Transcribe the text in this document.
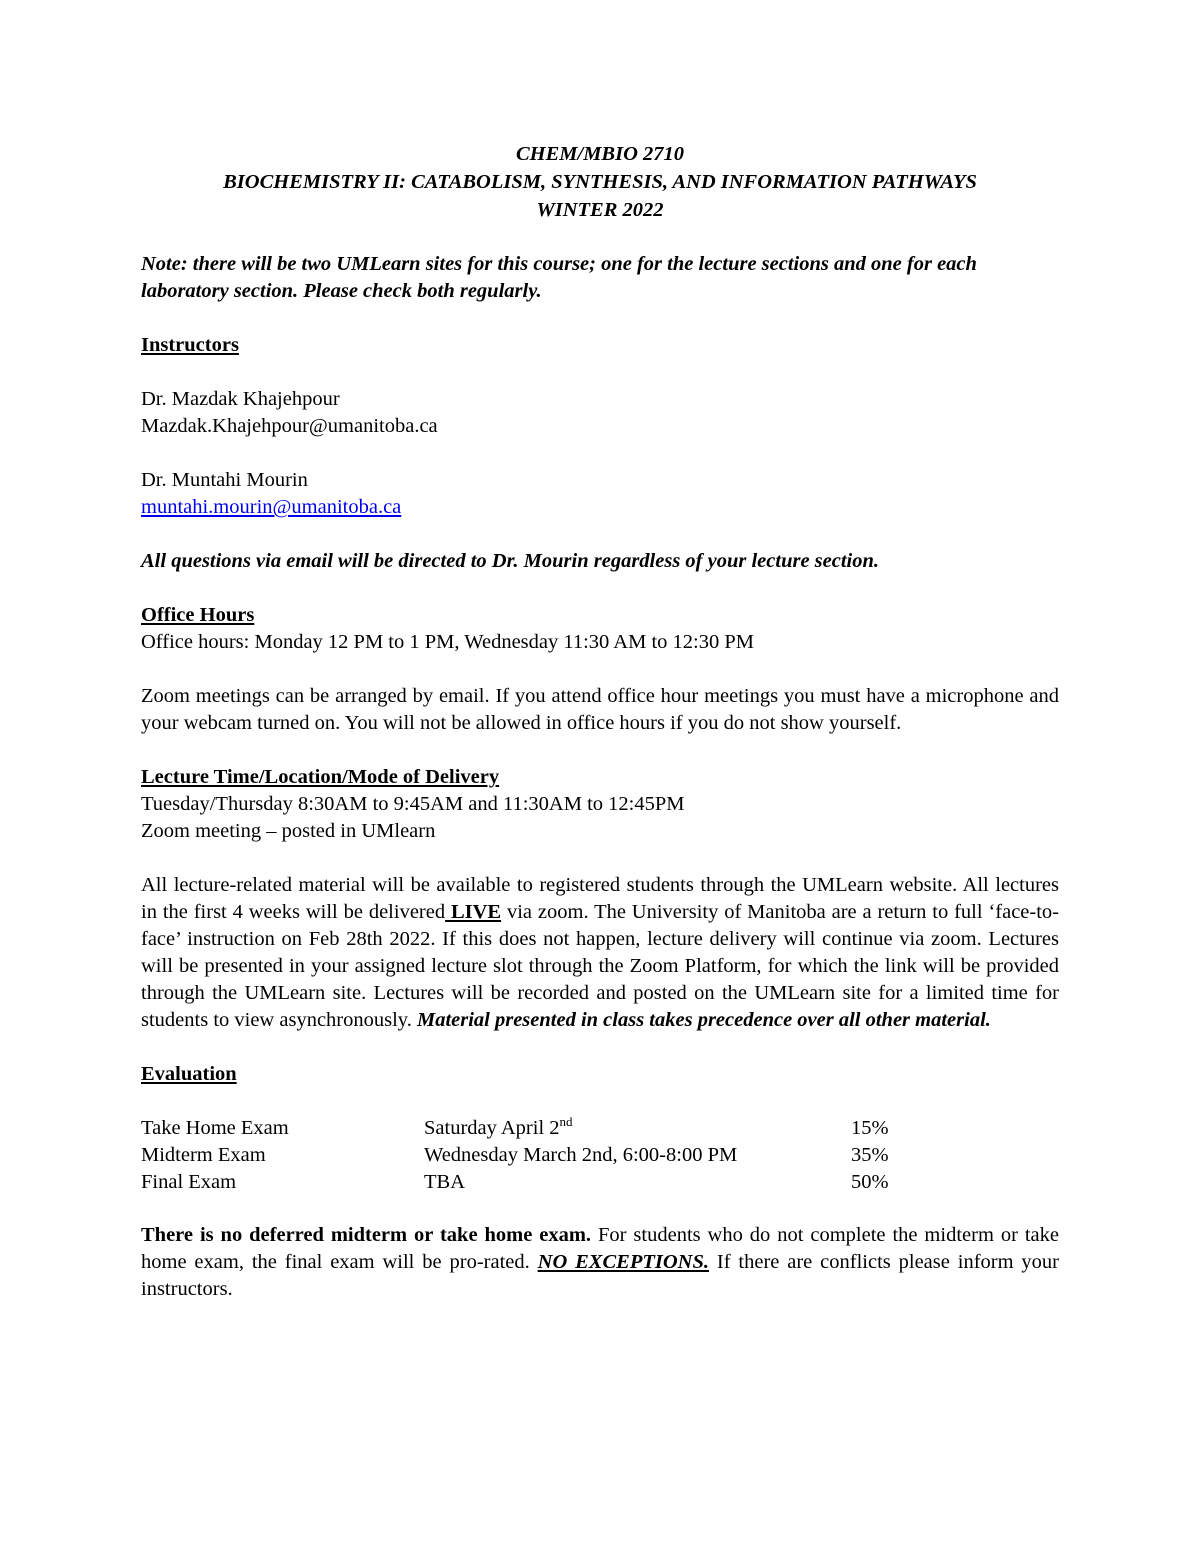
CHEM/MBIO 2710
BIOCHEMISTRY II: CATABOLISM, SYNTHESIS, AND INFORMATION PATHWAYS
WINTER 2022
Note: there will be two UMLearn sites for this course; one for the lecture sections and one for each laboratory section. Please check both regularly.
Instructors
Dr. Mazdak Khajehpour
Mazdak.Khajehpour@umanitoba.ca
Dr. Muntahi Mourin
muntahi.mourin@umanitoba.ca
All questions via email will be directed to Dr. Mourin regardless of your lecture section.
Office Hours
Office hours: Monday 12 PM to 1 PM, Wednesday 11:30 AM to 12:30 PM
Zoom meetings can be arranged by email. If you attend office hour meetings you must have a microphone and your webcam turned on. You will not be allowed in office hours if you do not show yourself.
Lecture Time/Location/Mode of Delivery
Tuesday/Thursday 8:30AM to 9:45AM and 11:30AM to 12:45PM
Zoom meeting – posted in UMlearn
All lecture-related material will be available to registered students through the UMLearn website. All lectures in the first 4 weeks will be delivered LIVE via zoom. The University of Manitoba are a return to full ‘face-to-face’ instruction on Feb 28th 2022. If this does not happen, lecture delivery will continue via zoom. Lectures will be presented in your assigned lecture slot through the Zoom Platform, for which the link will be provided through the UMLearn site. Lectures will be recorded and posted on the UMLearn site for a limited time for students to view asynchronously. Material presented in class takes precedence over all other material.
Evaluation
Take Home Exam	Saturday April 2nd	15%
Midterm Exam	Wednesday March 2nd, 6:00-8:00 PM	35%
Final Exam	TBA	50%
There is no deferred midterm or take home exam. For students who do not complete the midterm or take home exam, the final exam will be pro-rated. NO EXCEPTIONS. If there are conflicts please inform your instructors.
